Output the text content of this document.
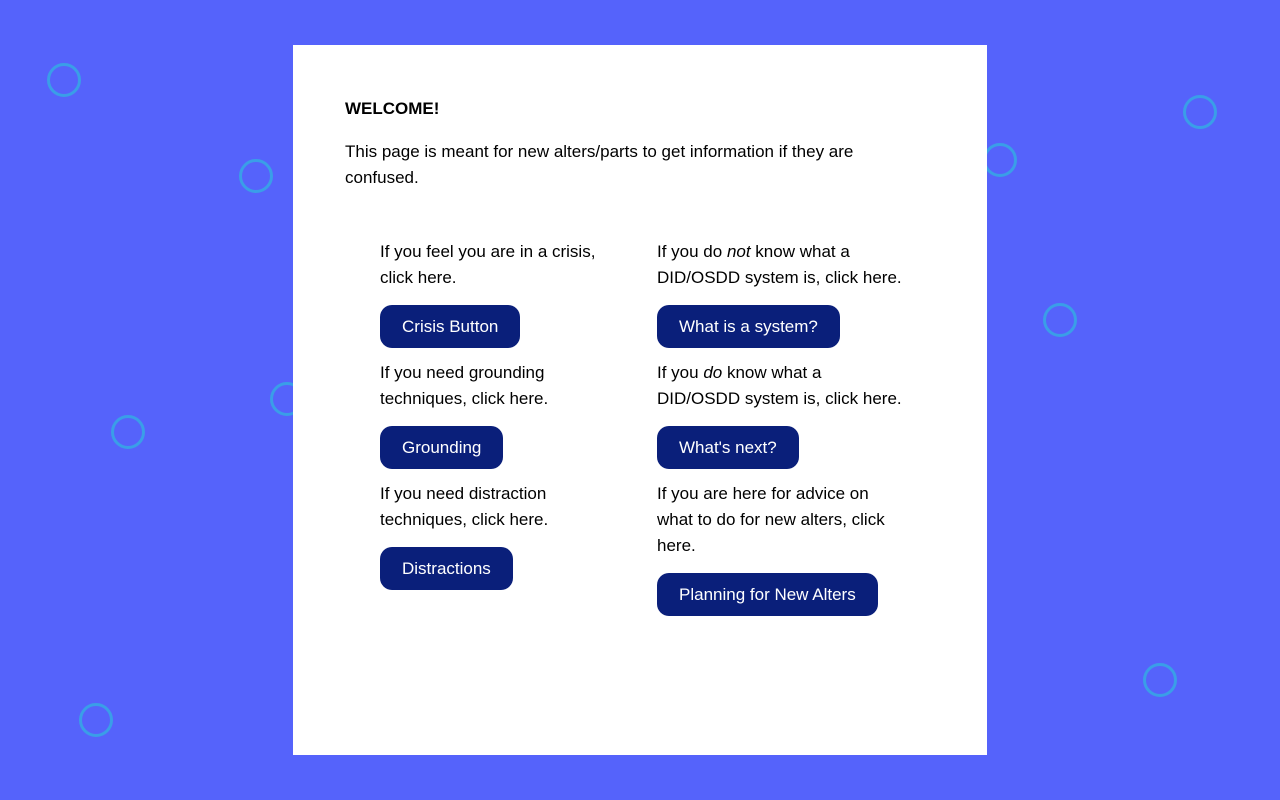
WELCOME!

This page is meant for new alters/parts to get information if they are confused.

If you feel you are in a crisis, click here.

Crisis Button

If you need grounding techniques, click here.

Grounding

If you need distraction techniques, click here.

Distractions

If you do not know what a DID/OSDD system is, click here.

What is a system?

If you do know what a DID/OSDD system is, click here.

What's next?

If you are here for advice on what to do for new alters, click here.

Planning for New Alters
